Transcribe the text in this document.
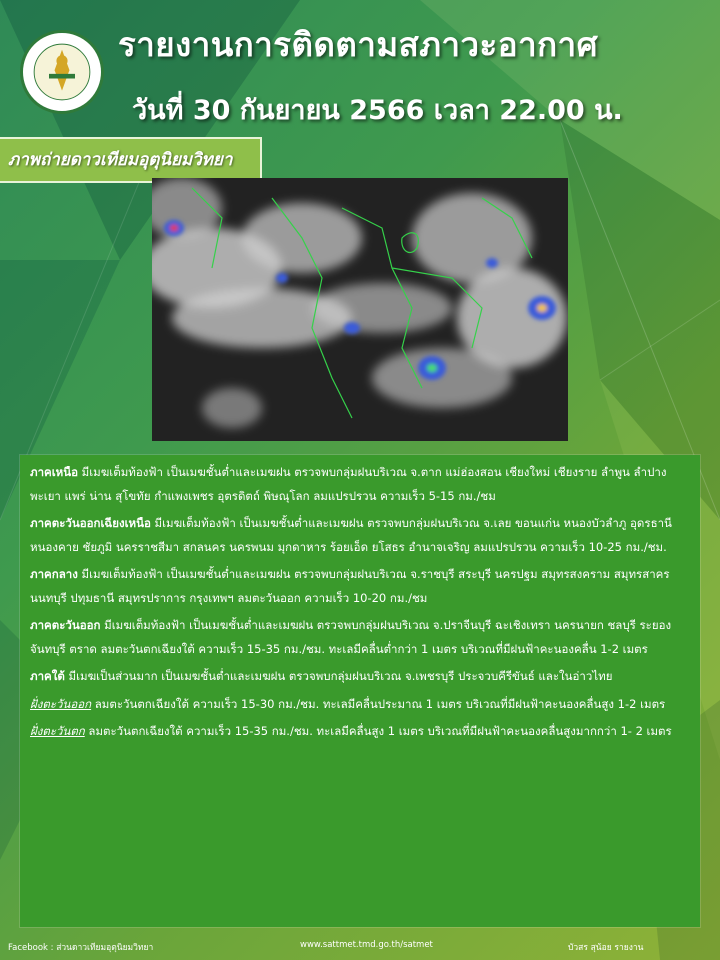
รายงานการติดตามสภาวะอากาศ
วันที่ 30 กันยายน 2566 เวลา 22.00 น.
ภาพถ่ายดาวเทียมอุตุนิยมวิทยา

ภาคเหนือ มีเมฆเต็มท้องฟ้า เป็นเมฆชั้นต่ำและเมฆฝน ตรวจพบกลุ่มฝนบริเวณ จ.ตาก แม่ฮ่องสอน เชียงใหม่ เชียงราย ลำพูน ลำปาง พะเยา แพร่ น่าน สุโขทัย กำแพงเพชร อุตรดิตถ์ พิษณุโลก ลมแปรปรวน ความเร็ว 5-15 กม./ชม

ภาคตะวันออกเฉียงเหนือ มีเมฆเต็มท้องฟ้า เป็นเมฆชั้นต่ำและเมฆฝน ตรวจพบกลุ่มฝนบริเวณ จ.เลย ขอนแก่น หนองบัวลำภู อุดรธานี หนองคาย ชัยภูมิ นครราชสีมา สกลนคร นครพนม มุกดาหาร ร้อยเอ็ด ยโสธร อำนาจเจริญ ลมแปรปรวน ความเร็ว 10-25 กม./ชม.

ภาคกลาง มีเมฆเต็มท้องฟ้า เป็นเมฆชั้นต่ำและเมฆฝน ตรวจพบกลุ่มฝนบริเวณ จ.ราชบุรี สระบุรี นครปฐม สมุทรสงคราม สมุทรสาคร นนทบุรี ปทุมธานี สมุทรปราการ กรุงเทพฯ ลมตะวันออก ความเร็ว 10-20 กม./ชม

ภาคตะวันออก มีเมฆเต็มท้องฟ้า เป็นเมฆชั้นต่ำและเมฆฝน ตรวจพบกลุ่มฝนบริเวณ จ.ปราจีนบุรี ฉะเชิงเทรา นครนายก ชลบุรี ระยอง จันทบุรี ตราด ลมตะวันตกเฉียงใต้ ความเร็ว 15-35 กม./ชม. ทะเลมีคลื่นต่ำกว่า 1 เมตร บริเวณที่มีฝนฟ้าคะนองคลื่น 1-2 เมตร

ภาคใต้ มีเมฆเป็นส่วนมาก เป็นเมฆชั้นต่ำและเมฆฝน ตรวจพบกลุ่มฝนบริเวณ จ.เพชรบุรี ประจวบคีรีขันธ์ และในอ่าวไทย

ฝั่งตะวันออก ลมตะวันตกเฉียงใต้ ความเร็ว 15-30 กม./ชม. ทะเลมีคลื่นประมาณ 1 เมตร บริเวณที่มีฝนฟ้าคะนองคลื่นสูง 1-2 เมตร

ฝั่งตะวันตก ลมตะวันตกเฉียงใต้ ความเร็ว 15-35 กม./ชม. ทะเลมีคลื่นสูง 1 เมตร บริเวณที่มีฝนฟ้าคะนองคลื่นสูงมากกว่า 1- 2 เมตร

Facebook : ส่วนดาวเทียมอุตุนิยมวิทยา	www.sattmet.tmd.go.th/satmet	บัวสร สุน้อย รายงาน
